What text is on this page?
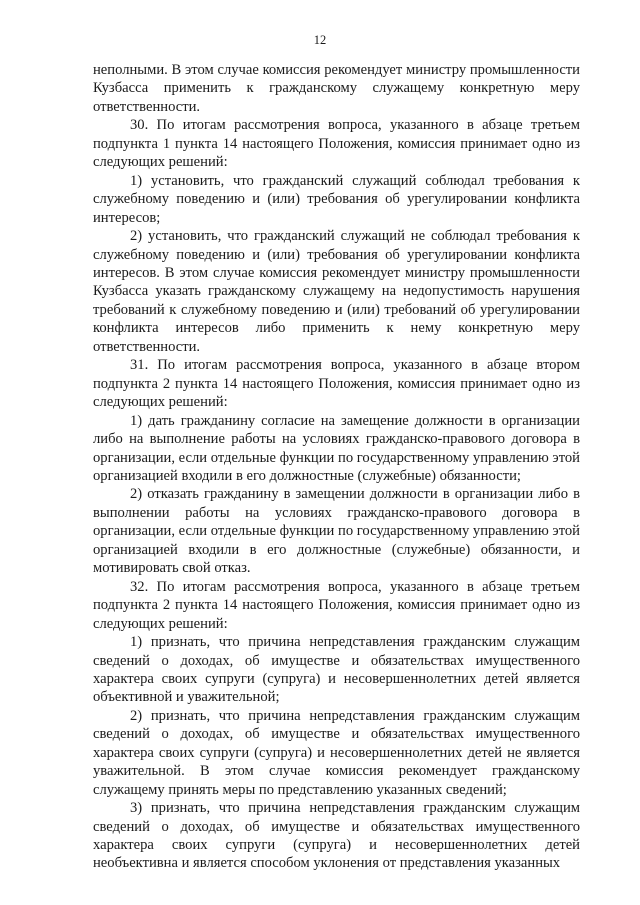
12

неполными. В этом случае комиссия рекомендует министру промышленности Кузбасса применить к гражданскому служащему конкретную меру ответственности.

30. По итогам рассмотрения вопроса, указанного в абзаце третьем подпункта 1 пункта 14 настоящего Положения, комиссия принимает одно из следующих решений:

1) установить, что гражданский служащий соблюдал требования к служебному поведению и (или) требования об урегулировании конфликта интересов;

2) установить, что гражданский служащий не соблюдал требования к служебному поведению и (или) требования об урегулировании конфликта интересов. В этом случае комиссия рекомендует министру промышленности Кузбасса указать гражданскому служащему на недопустимость нарушения требований к служебному поведению и (или) требований об урегулировании конфликта интересов либо применить к нему конкретную меру ответственности.

31. По итогам рассмотрения вопроса, указанного в абзаце втором подпункта 2 пункта 14 настоящего Положения, комиссия принимает одно из следующих решений:

1) дать гражданину согласие на замещение должности в организации либо на выполнение работы на условиях гражданско-правового договора в организации, если отдельные функции по государственному управлению этой организацией входили в его должностные (служебные) обязанности;

2) отказать гражданину в замещении должности в организации либо в выполнении работы на условиях гражданско-правового договора в организации, если отдельные функции по государственному управлению этой организацией входили в его должностные (служебные) обязанности, и мотивировать свой отказ.

32. По итогам рассмотрения вопроса, указанного в абзаце третьем подпункта 2 пункта 14 настоящего Положения, комиссия принимает одно из следующих решений:

1) признать, что причина непредставления гражданским служащим сведений о доходах, об имуществе и обязательствах имущественного характера своих супруги (супруга) и несовершеннолетних детей является объективной и уважительной;

2) признать, что причина непредставления гражданским служащим сведений о доходах, об имуществе и обязательствах имущественного характера своих супруги (супруга) и несовершеннолетних детей не является уважительной. В этом случае комиссия рекомендует гражданскому служащему принять меры по представлению указанных сведений;

3) признать, что причина непредставления гражданским служащим сведений о доходах, об имуществе и обязательствах имущественного характера своих супруги (супруга) и несовершеннолетних детей необъективна и является способом уклонения от представления указанных
